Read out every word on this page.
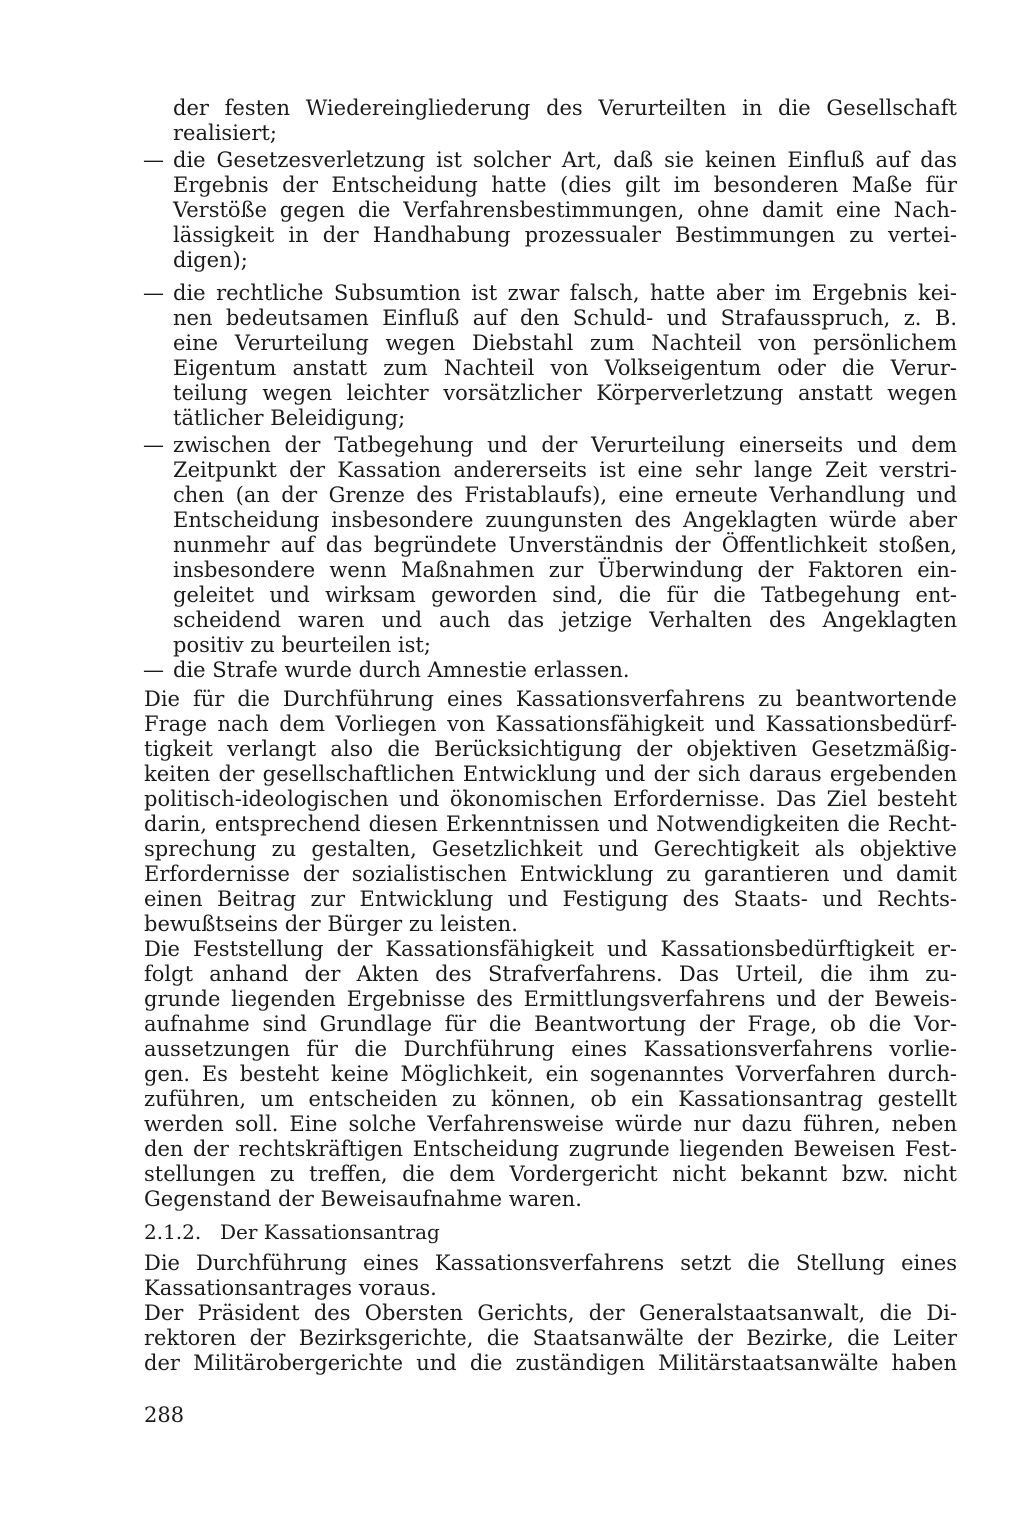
der festen Wiedereingliederung des Verurteilten in die Gesellschaft
realisiert;
— die Gesetzesverletzung ist solcher Art, daß sie keinen Einfluß auf das
Ergebnis der Entscheidung hatte (dies gilt im besonderen Maße für
Verstöße gegen die Verfahrensbestimmungen, ohne damit eine Nach-
lässigkeit in der Handhabung prozessualer Bestimmungen zu vertei-
digen);
— die rechtliche Subsumtion ist zwar falsch, hatte aber im Ergebnis kei-
nen bedeutsamen Einfluß auf den Schuld- und Strafausspruch, z. B.
eine Verurteilung wegen Diebstahl zum Nachteil von persönlichem
Eigentum anstatt zum Nachteil von Volkseigentum oder die Verur-
teilung wegen leichter vorsätzlicher Körperverletzung anstatt wegen
tätlicher Beleidigung;
— zwischen der Tatbegehung und der Verurteilung einerseits und dem
Zeitpunkt der Kassation andererseits ist eine sehr lange Zeit verstri-
chen (an der Grenze des Fristablaufs), eine erneute Verhandlung und
Entscheidung insbesondere zuungunsten des Angeklagten würde aber
nunmehr auf das begründete Unverständnis der Öffentlichkeit stoßen,
insbesondere wenn Maßnahmen zur Überwindung der Faktoren ein-
geleitet und wirksam geworden sind, die für die Tatbegehung ent-
scheidend waren und auch das jetzige Verhalten des Angeklagten
positiv zu beurteilen ist;
— die Strafe wurde durch Amnestie erlassen.
Die für die Durchführung eines Kassationsverfahrens zu beantwortende
Frage nach dem Vorliegen von Kassationsfähigkeit und Kassationsbedürf-
tigkeit verlangt also die Berücksichtigung der objektiven Gesetzmäßig-
keiten der gesellschaftlichen Entwicklung und der sich daraus ergebenden
politisch-ideologischen und ökonomischen Erfordernisse. Das Ziel besteht
darin, entsprechend diesen Erkenntnissen und Notwendigkeiten die Recht-
sprechung zu gestalten, Gesetzlichkeit und Gerechtigkeit als objektive
Erfordernisse der sozialistischen Entwicklung zu garantieren und damit
einen Beitrag zur Entwicklung und Festigung des Staats- und Rechts-
bewußtseins der Bürger zu leisten.
Die Feststellung der Kassationsfähigkeit und Kassationsbedürftigkeit er-
folgt anhand der Akten des Strafverfahrens. Das Urteil, die ihm zu-
grunde liegenden Ergebnisse des Ermittlungsverfahrens und der Beweis-
aufnahme sind Grundlage für die Beantwortung der Frage, ob die Vor-
aussetzungen für die Durchführung eines Kassationsverfahrens vorlie-
gen. Es besteht keine Möglichkeit, ein sogenanntes Vorverfahren durch-
zuführen, um entscheiden zu können, ob ein Kassationsantrag gestellt
werden soll. Eine solche Verfahrensweise würde nur dazu führen, neben
den der rechtskräftigen Entscheidung zugrunde liegenden Beweisen Fest-
stellungen zu treffen, die dem Vordergericht nicht bekannt bzw. nicht
Gegenstand der Beweisaufnahme waren.
2.1.2. Der Kassationsantrag
Die Durchführung eines Kassationsverfahrens setzt die Stellung eines
Kassationsantrages voraus.
Der Präsident des Obersten Gerichts, der Generalstaatsanwalt, die Di-
rektoren der Bezirksgerichte, die Staatsanwälte der Bezirke, die Leiter
der Militärobergerichte und die zuständigen Militärstaatsanwälte haben
288
